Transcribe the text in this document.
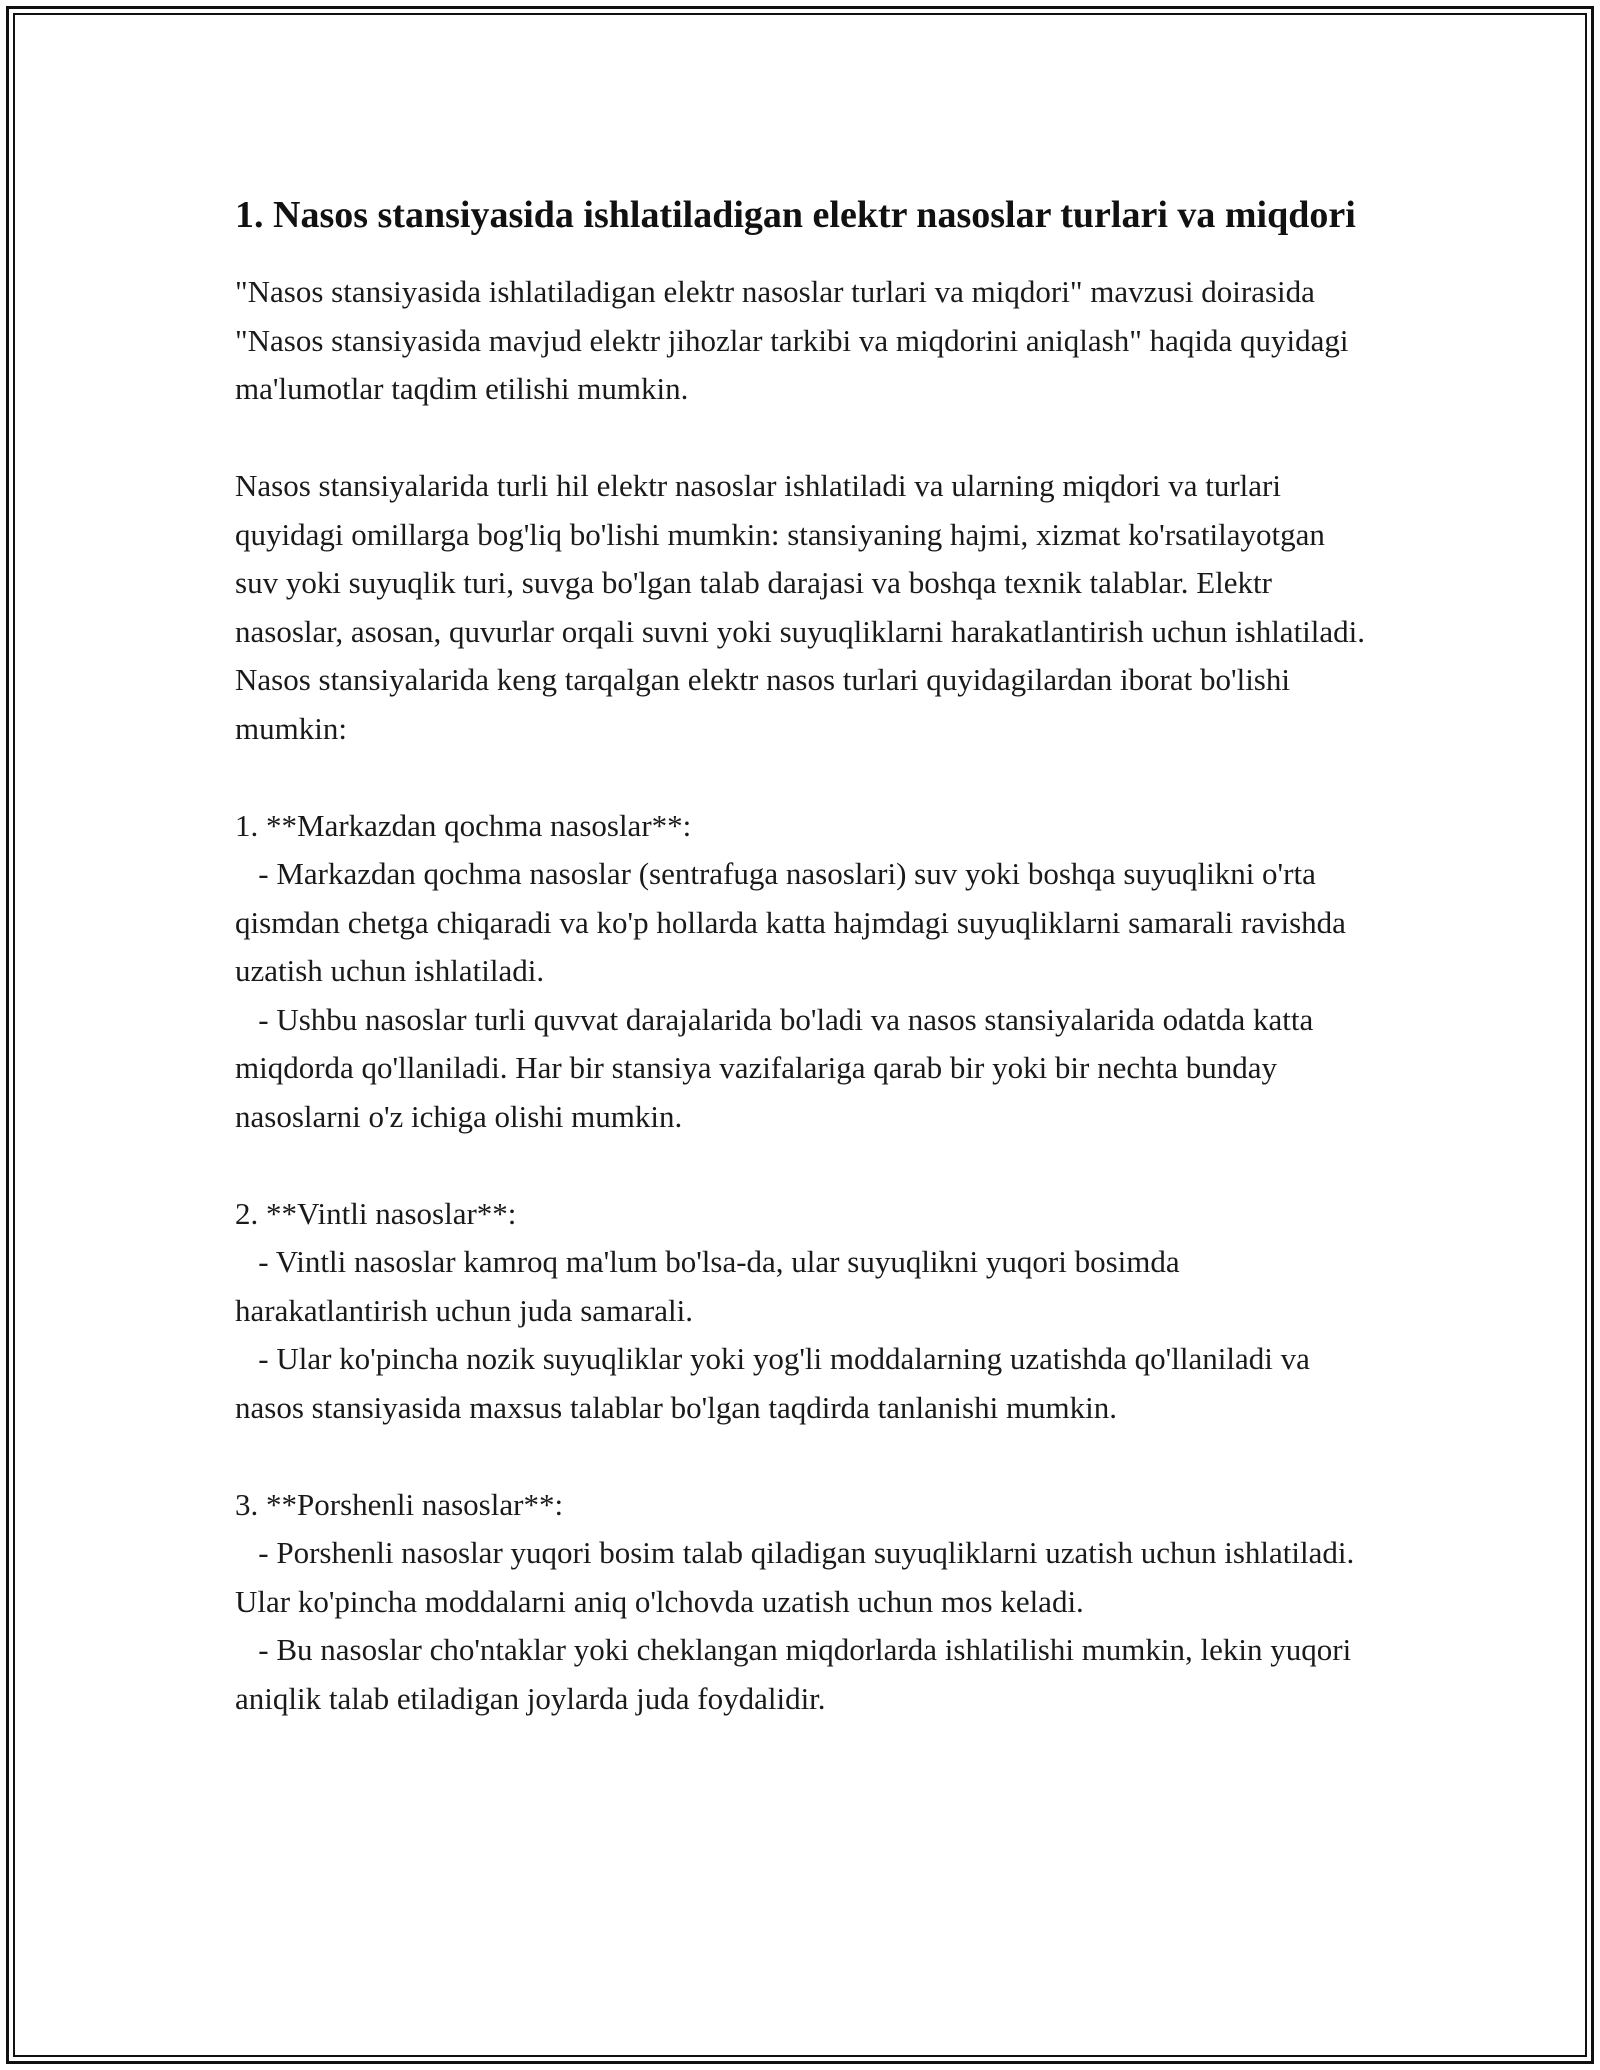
1. Nasos stansiyasida ishlatiladigan elektr nasoslar turlari va miqdori

"Nasos stansiyasida ishlatiladigan elektr nasoslar turlari va miqdori" mavzusi doirasida "Nasos stansiyasida mavjud elektr jihozlar tarkibi va miqdorini aniqlash" haqida quyidagi ma'lumotlar taqdim etilishi mumkin.

Nasos stansiyalarida turli hil elektr nasoslar ishlatiladi va ularning miqdori va turlari quyidagi omillarga bog'liq bo'lishi mumkin: stansiyaning hajmi, xizmat ko'rsatilayotgan suv yoki suyuqlik turi, suvga bo'lgan talab darajasi va boshqa texnik talablar. Elektr nasoslar, asosan, quvurlar orqali suvni yoki suyuqliklarni harakatlantirish uchun ishlatiladi. Nasos stansiyalarida keng tarqalgan elektr nasos turlari quyidagilardan iborat bo'lishi mumkin:

1. **Markazdan qochma nasoslar**:

- Markazdan qochma nasoslar (sentrafuga nasoslari) suv yoki boshqa suyuqlikni o'rta qismdan chetga chiqaradi va ko'p hollarda katta hajmdagi suyuqliklarni samarali ravishda uzatish uchun ishlatiladi.

- Ushbu nasoslar turli quvvat darajalarida bo'ladi va nasos stansiyalarida odatda katta miqdorda qo'llaniladi. Har bir stansiya vazifalariga qarab bir yoki bir nechta bunday nasoslarni o'z ichiga olishi mumkin.

2. **Vintli nasoslar**:

- Vintli nasoslar kamroq ma'lum bo'lsa-da, ular suyuqlikni yuqori bosimda harakatlantirish uchun juda samarali.

- Ular ko'pincha nozik suyuqliklar yoki yog'li moddalarning uzatishda qo'llaniladi va nasos stansiyasida maxsus talablar bo'lgan taqdirda tanlanishi mumkin.

3. **Porshenli nasoslar**:

- Porshenli nasoslar yuqori bosim talab qiladigan suyuqliklarni uzatish uchun ishlatiladi. Ular ko'pincha moddalarni aniq o'lchovda uzatish uchun mos keladi.

- Bu nasoslar cho'ntaklar yoki cheklangan miqdorlarda ishlatilishi mumkin, lekin yuqori aniqlik talab etiladigan joylarda juda foydalidir.
